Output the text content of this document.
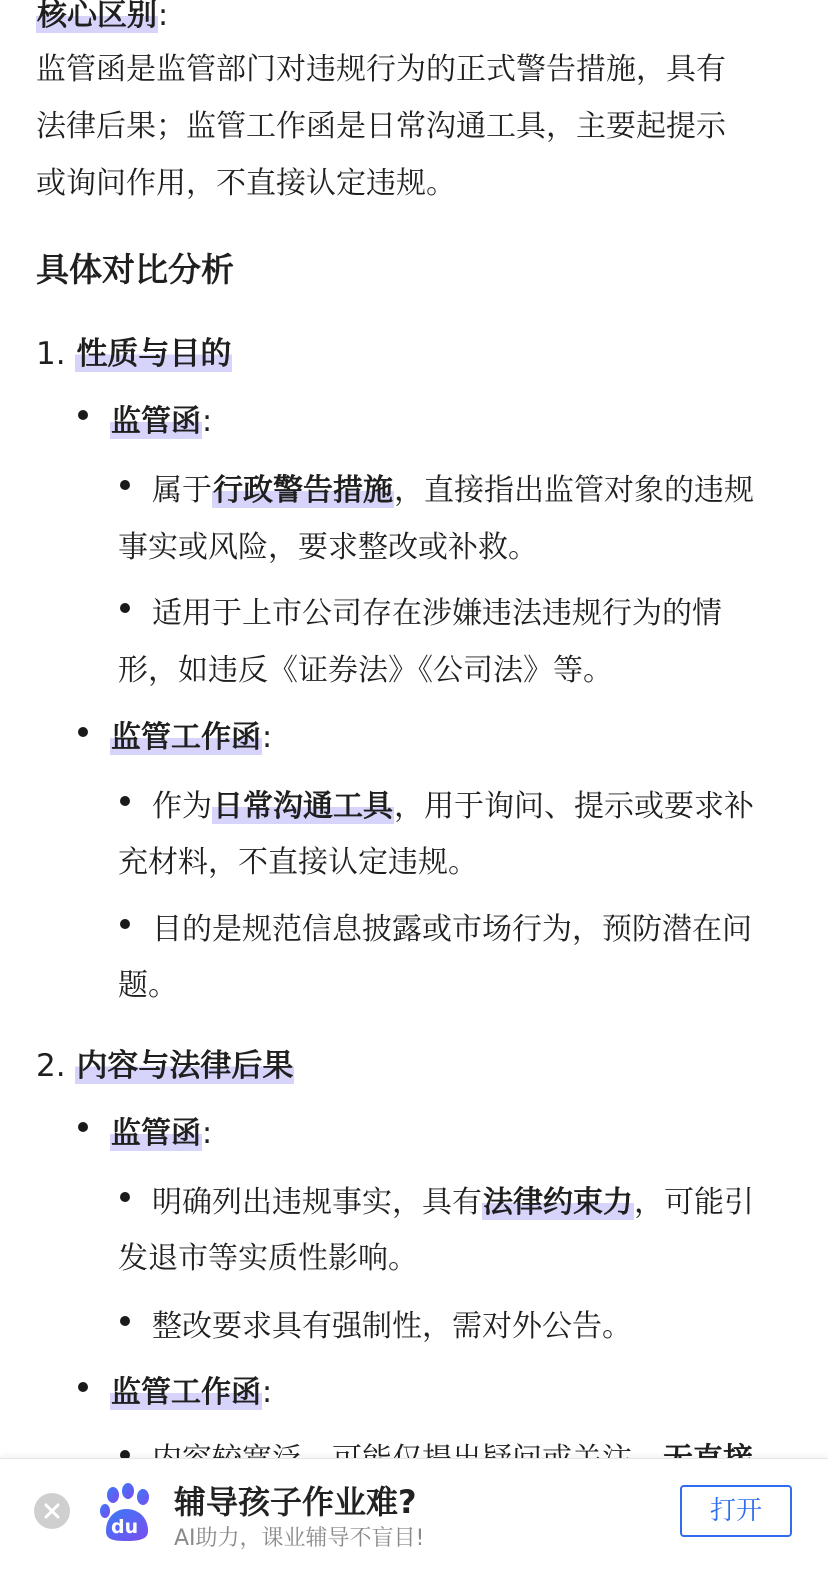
核心区别:
监管函是监管部门对违规行为的正式警告措施，具有
法律后果；监管工作函是日常沟通工具，主要起提示
或询问作用，不直接认定违规。
具体对比分析
1. 性质与目的
监管函:
属于行政警告措施，直接指出监管对象的违规
事实或风险，要求整改或补救。
适用于上市公司存在涉嫌违法违规行为的情
形，如违反《证券法》《公司法》等。
监管工作函:
作为日常沟通工具，用于询问、提示或要求补
充材料，不直接认定违规。
目的是规范信息披露或市场行为，预防潜在问
题。
2. 内容与法律后果
监管函:
明确列出违规事实，具有法律约束力，可能引
发退市等实质性影响。
整改要求具有强制性，需对外公告。
监管工作函:
du
辅导孩子作业难?
AI助力，课业辅导不盲目!
打开
